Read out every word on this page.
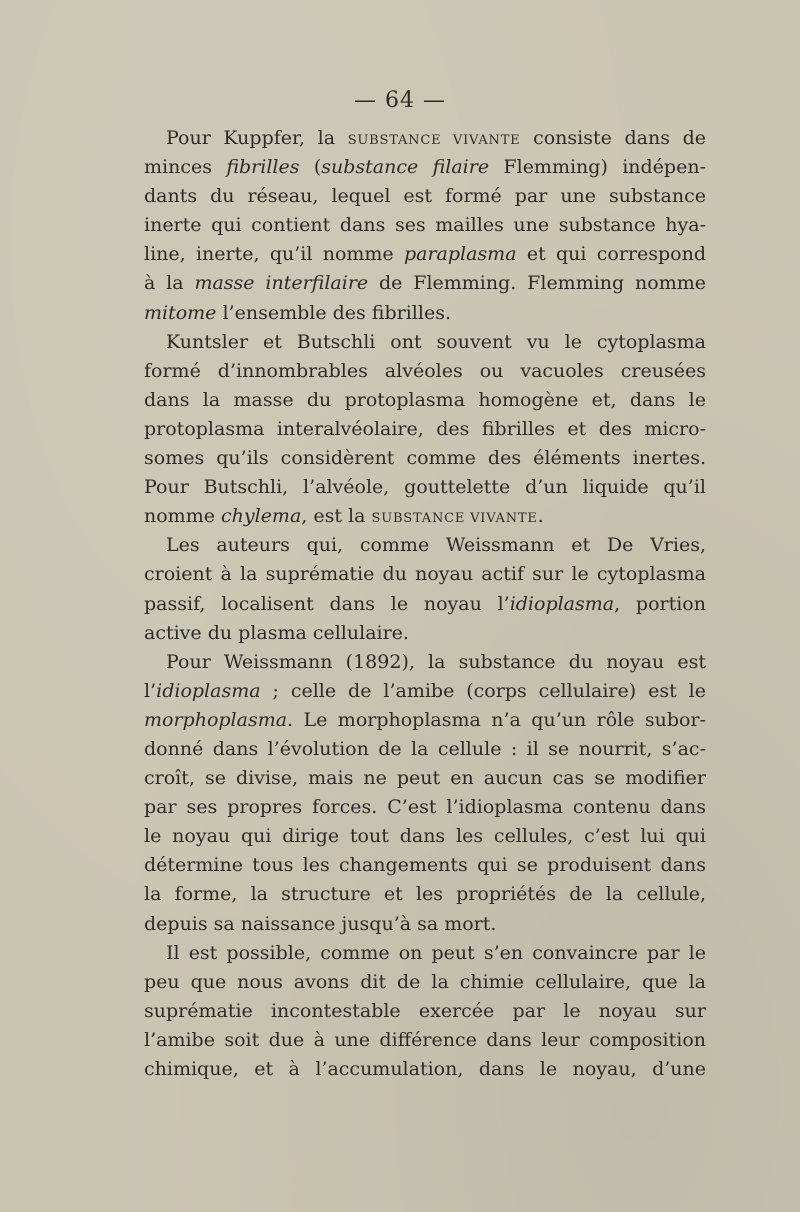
— 64 —
Pour Kuppfer, la SUBSTANCE VIVANTE consiste dans de
minces fibrilles (substance filaire Flemming) indépen-
dants du réseau, lequel est formé par une substance
inerte qui contient dans ses mailles une substance hya-
line, inerte, qu’il nomme paraplasma et qui correspond
à la masse interfilaire de Flemming. Flemming nomme
mitome l’ensemble des fibrilles.
Kuntsler et Butschli ont souvent vu le cytoplasma
formé d’innombrables alvéoles ou vacuoles creusées
dans la masse du protoplasma homogène et, dans le
protoplasma interalvéolaire, des fibrilles et des micro-
somes qu’ils considèrent comme des éléments inertes.
Pour Butschli, l’alvéole, gouttelette d’un liquide qu’il
nomme chylema, est la SUBSTANCE VIVANTE.
Les auteurs qui, comme Weissmann et De Vries,
croient à la suprématie du noyau actif sur le cytoplasma
passif, localisent dans le noyau l’idioplasma, portion
active du plasma cellulaire.
Pour Weissmann (1892), la substance du noyau est
l’idioplasma ; celle de l’amibe (corps cellulaire) est le
morphoplasma. Le morphoplasma n’a qu’un rôle subor-
donné dans l’évolution de la cellule : il se nourrit, s’ac-
croît, se divise, mais ne peut en aucun cas se modifier
par ses propres forces. C’est l’idioplasma contenu dans
le noyau qui dirige tout dans les cellules, c’est lui qui
détermine tous les changements qui se produisent dans
la forme, la structure et les propriétés de la cellule,
depuis sa naissance jusqu’à sa mort.
Il est possible, comme on peut s’en convaincre par le
peu que nous avons dit de la chimie cellulaire, que la
suprématie incontestable exercée par le noyau sur
l’amibe soit due à une différence dans leur composition
chimique, et à l’accumulation, dans le noyau, d’une
